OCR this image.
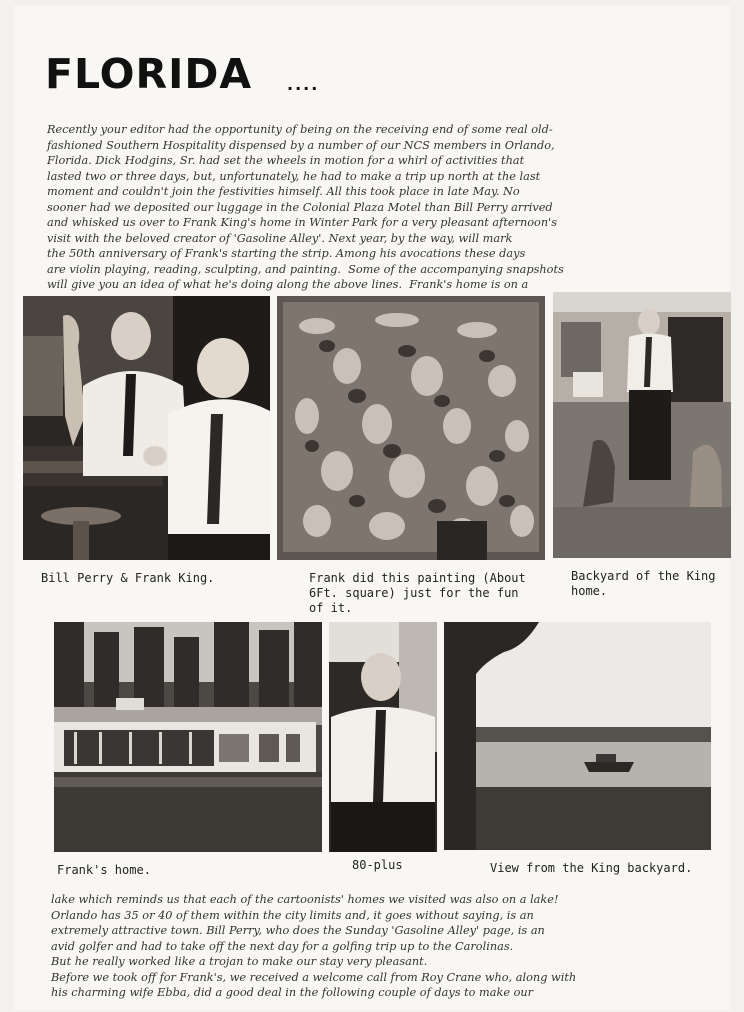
FLORIDA ....
Recently your editor had the opportunity of being on the receiving end of some real old-
fashioned Southern Hospitality dispensed by a number of our NCS members in Orlando,
Florida. Dick Hodgins, Sr. had set the wheels in motion for a whirl of activities that
lasted two or three days, but, unfortunately, he had to make a trip up north at the last
moment and couldn't join the festivities himself. All this took place in late May. No
sooner had we deposited our luggage in the Colonial Plaza Motel than Bill Perry arrived
and whisked us over to Frank King's home in Winter Park for a very pleasant afternoon's
visit with the beloved creator of 'Gasoline Alley'. Next year, by the way, will mark
the 50th anniversary of Frank's starting the strip. Among his avocations these days
are violin playing, reading, sculpting, and painting.  Some of the accompanying snapshots
will give you an idea of what he's doing along the above lines.  Frank's home is on a
Bill Perry & Frank King.	Frank did this painting (About
6Ft. square) just for the fun
of it.
Backyard of the King
home.
Frank's home.	80-plus	View from the King backyard.
lake which reminds us that each of the cartoonists' homes we visited was also on a lake!
Orlando has 35 or 40 of them within the city limits and, it goes without saying, is an
extremely attractive town. Bill Perry, who does the Sunday 'Gasoline Alley' page, is an
avid golfer and had to take off the next day for a golfing trip up to the Carolinas.
But he really worked like a trojan to make our stay very pleasant.
Before we took off for Frank's, we received a welcome call from Roy Crane who, along with
his charming wife Ebba, did a good deal in the following couple of days to make our
